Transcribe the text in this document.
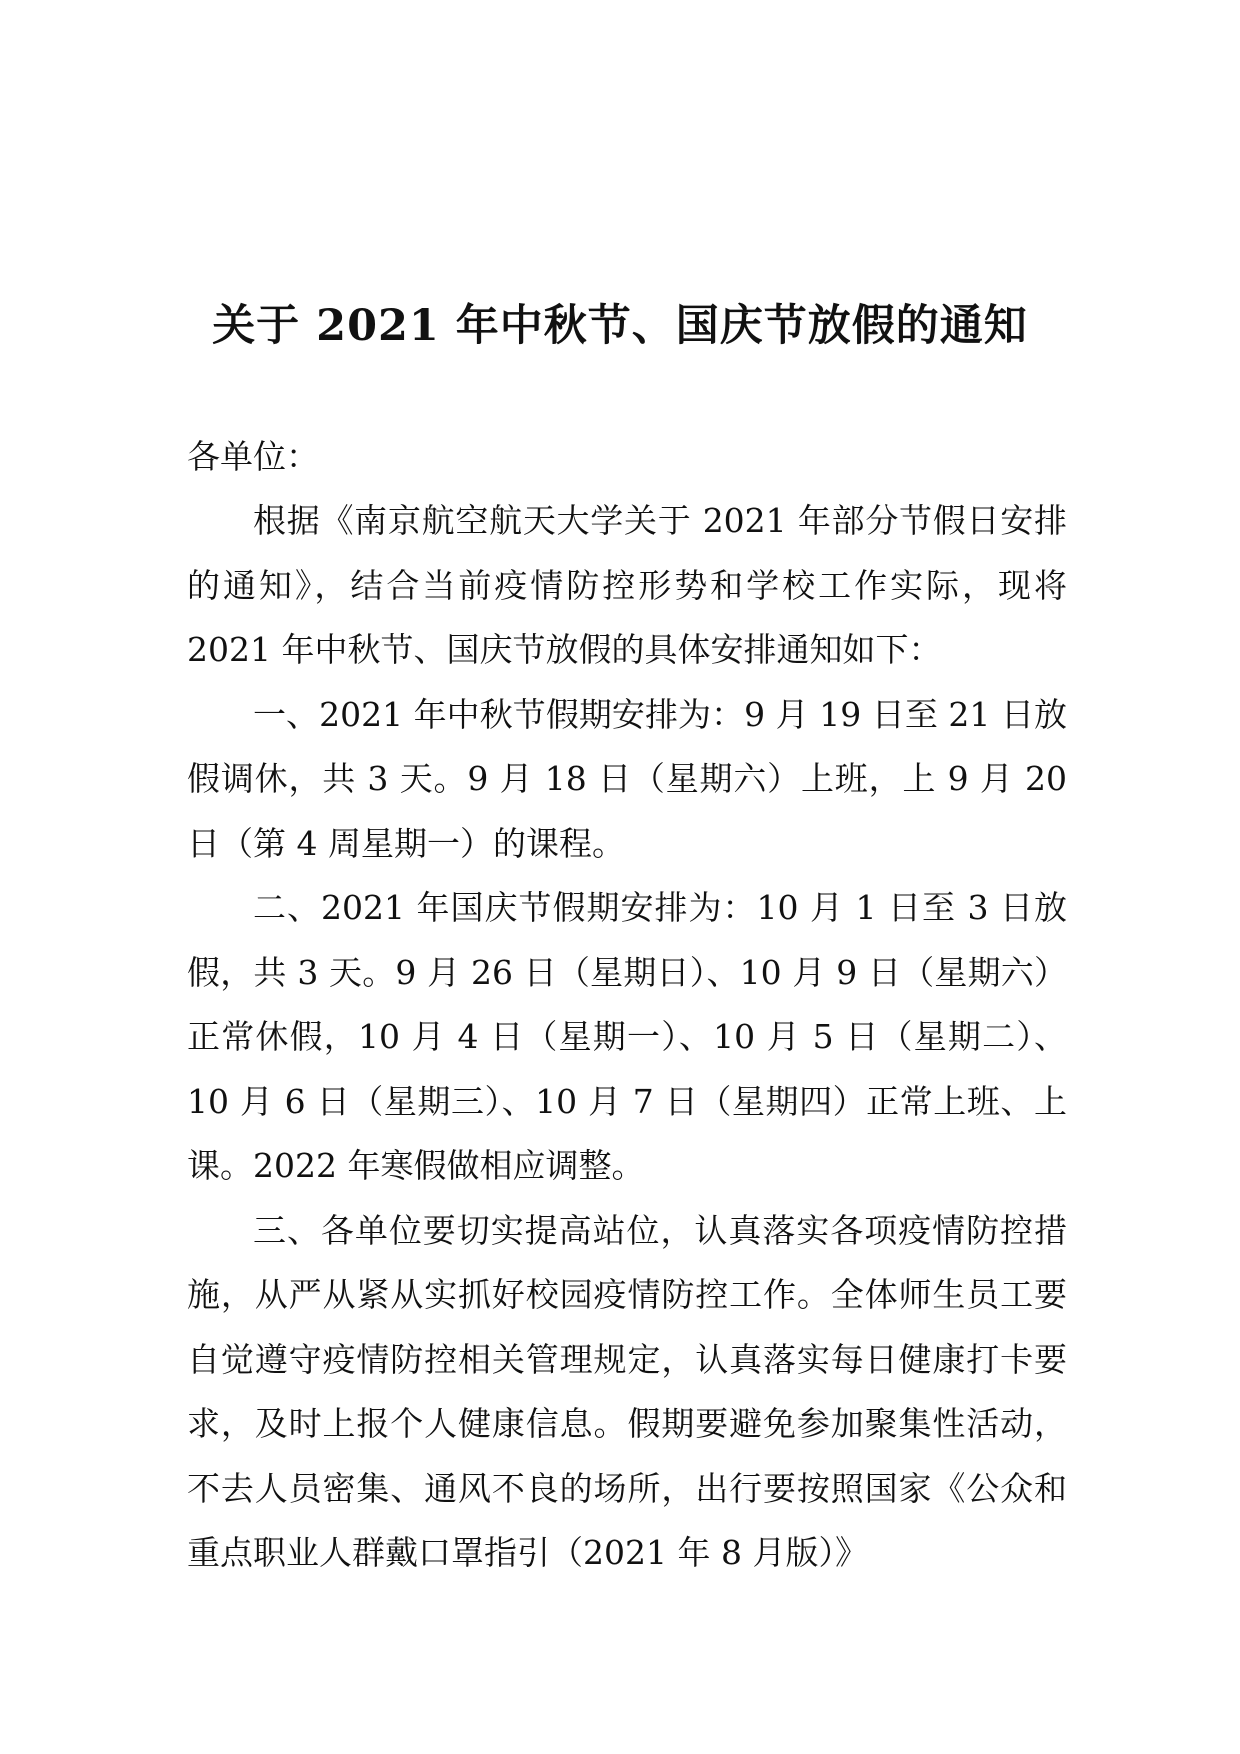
关于 2021 年中秋节、国庆节放假的通知
各单位：

根据《南京航空航天大学关于 2021 年部分节假日安排的通知》，结合当前疫情防控形势和学校工作实际，现将 2021 年中秋节、国庆节放假的具体安排通知如下：

一、2021 年中秋节假期安排为：9 月 19 日至 21 日放假调休，共 3 天。9 月 18 日（星期六）上班，上 9 月 20 日（第 4 周星期一）的课程。

二、2021 年国庆节假期安排为：10 月 1 日至 3 日放假，共 3 天。9 月 26 日（星期日）、10 月 9 日（星期六）正常休假，10 月 4 日（星期一）、10 月 5 日（星期二）、10 月 6 日（星期三）、10 月 7 日（星期四）正常上班、上课。2022 年寒假做相应调整。

三、各单位要切实提高站位，认真落实各项疫情防控措施，从严从紧从实抓好校园疫情防控工作。全体师生员工要自觉遵守疫情防控相关管理规定，认真落实每日健康打卡要求，及时上报个人健康信息。假期要避免参加聚集性活动，不去人员密集、通风不良的场所，出行要按照国家《公众和重点职业人群戴口罩指引（2021 年 8 月版）》
